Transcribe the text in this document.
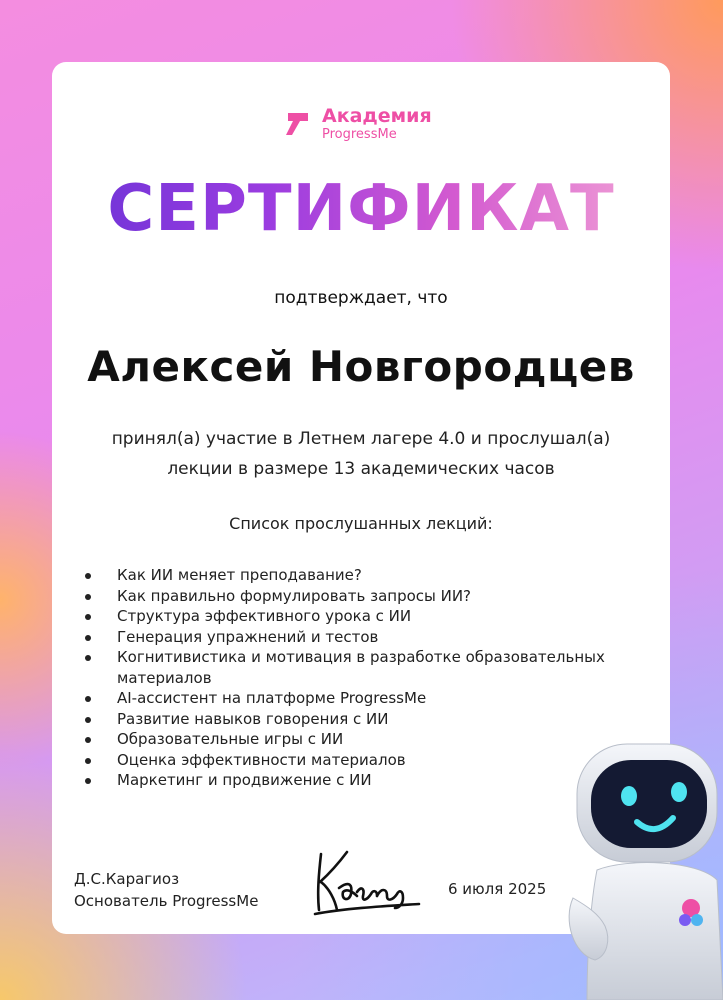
Академия
ProgressMe
СЕРТИФИКАТ
подтверждает, что
Алексей Новгородцев
принял(а) участие в Летнем лагере 4.0 и прослушал(а)
лекции в размере 13 академических часов
Список прослушанных лекций:
Как ИИ меняет преподавание?
Как правильно формулировать запросы ИИ?
Структура эффективного урока с ИИ
Генерация упражнений и тестов
Когнитивистика и мотивация в разработке образовательных материалов
AI-ассистент на платформе ProgressMe
Развитие навыков говорения с ИИ
Образовательные игры с ИИ
Оценка эффективности материалов
Маркетинг и продвижение с ИИ
Д.С.Карагиоз
Основатель ProgressMe
6 июля 2025
